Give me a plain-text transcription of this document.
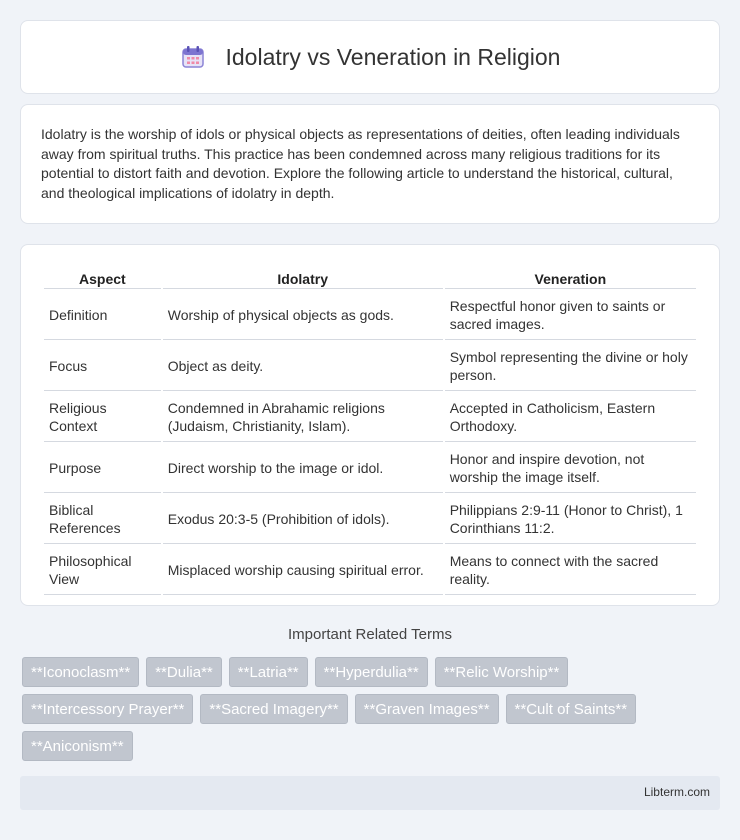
Idolatry vs Veneration in Religion

Idolatry is the worship of idols or physical objects as representations of deities, often leading individuals away from spiritual truths. This practice has been condemned across many religious traditions for its potential to distort faith and devotion. Explore the following article to understand the historical, cultural, and theological implications of idolatry in depth.

Aspect	Idolatry	Veneration
Definition	Worship of physical objects as gods.	Respectful honor given to saints or sacred images.
Focus	Object as deity.	Symbol representing the divine or holy person.
Religious Context	Condemned in Abrahamic religions (Judaism, Christianity, Islam).	Accepted in Catholicism, Eastern Orthodoxy.
Purpose	Direct worship to the image or idol.	Honor and inspire devotion, not worship the image itself.
Biblical References	Exodus 20:3-5 (Prohibition of idols).	Philippians 2:9-11 (Honor to Christ), 1 Corinthians 11:2.
Philosophical View	Misplaced worship causing spiritual error.	Means to connect with the sacred reality.
Important Related Terms
**Iconoclasm**	**Dulia**	**Latria**	**Hyperdulia**	**Relic Worship**
**Intercessory Prayer**	**Sacred Imagery**	**Graven Images**	**Cult of Saints**
**Aniconism**
Libterm.com
